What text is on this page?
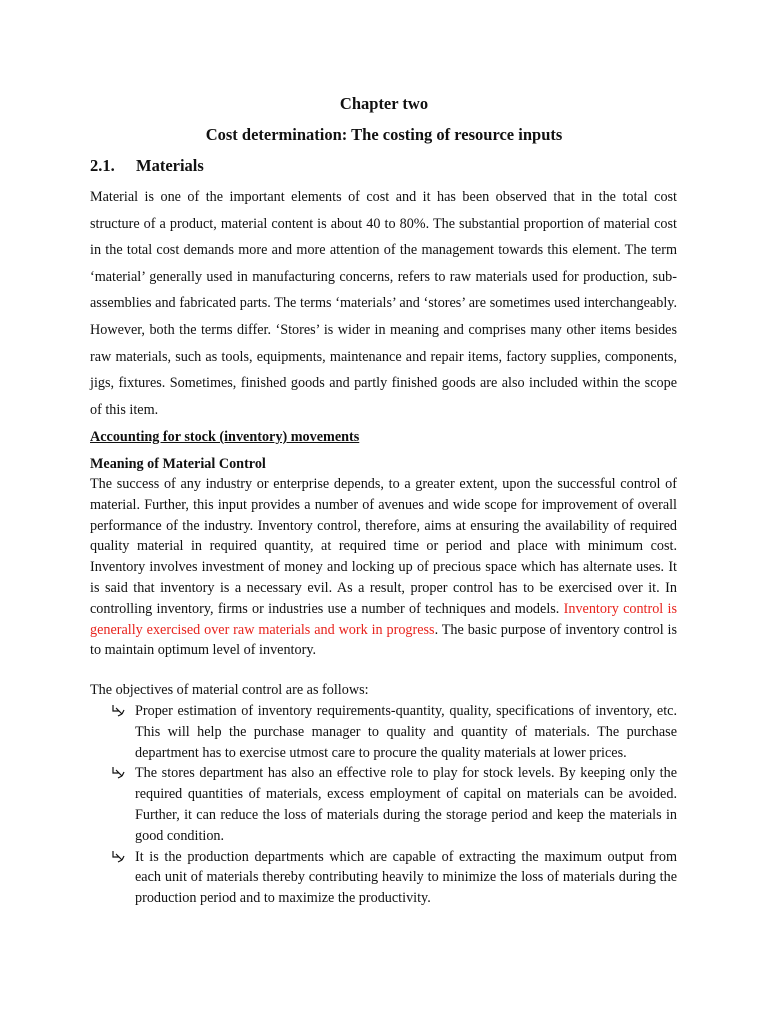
Chapter two
Cost determination: The costing of resource inputs
2.1. Materials

Material is one of the important elements of cost and it has been observed that in the total cost structure of a product, material content is about 40 to 80%. The substantial proportion of material cost in the total cost demands more and more attention of the management towards this element. The term ‘material’ generally used in manufacturing concerns, refers to raw materials used for production, sub-assemblies and fabricated parts. The terms ‘materials’ and ‘stores’ are sometimes used interchangeably. However, both the terms differ. ‘Stores’ is wider in meaning and comprises many other items besides raw materials, such as tools, equipments, maintenance and repair items, factory supplies, components, jigs, fixtures. Sometimes, finished goods and partly finished goods are also included within the scope of this item.

Accounting for stock (inventory) movements
Meaning of Material Control

The success of any industry or enterprise depends, to a greater extent, upon the successful control of material. Further, this input provides a number of avenues and wide scope for improvement of overall performance of the industry. Inventory control, therefore, aims at ensuring the availability of required quality material in required quantity, at required time or period and place with minimum cost. Inventory involves investment of money and locking up of precious space which has alternate uses. It is said that inventory is a necessary evil. As a result, proper control has to be exercised over it. In controlling inventory, firms or industries use a number of techniques and models. Inventory control is generally exercised over raw materials and work in progress. The basic purpose of inventory control is to maintain optimum level of inventory.

The objectives of material control are as follows:

Proper estimation of inventory requirements-quantity, quality, specifications of inventory, etc. This will help the purchase manager to quality and quantity of materials. The purchase department has to exercise utmost care to procure the quality materials at lower prices.
The stores department has also an effective role to play for stock levels. By keeping only the required quantities of materials, excess employment of capital on materials can be avoided. Further, it can reduce the loss of materials during the storage period and keep the materials in good condition.
It is the production departments which are capable of extracting the maximum output from each unit of materials thereby contributing heavily to minimize the loss of materials during the production period and to maximize the productivity.
